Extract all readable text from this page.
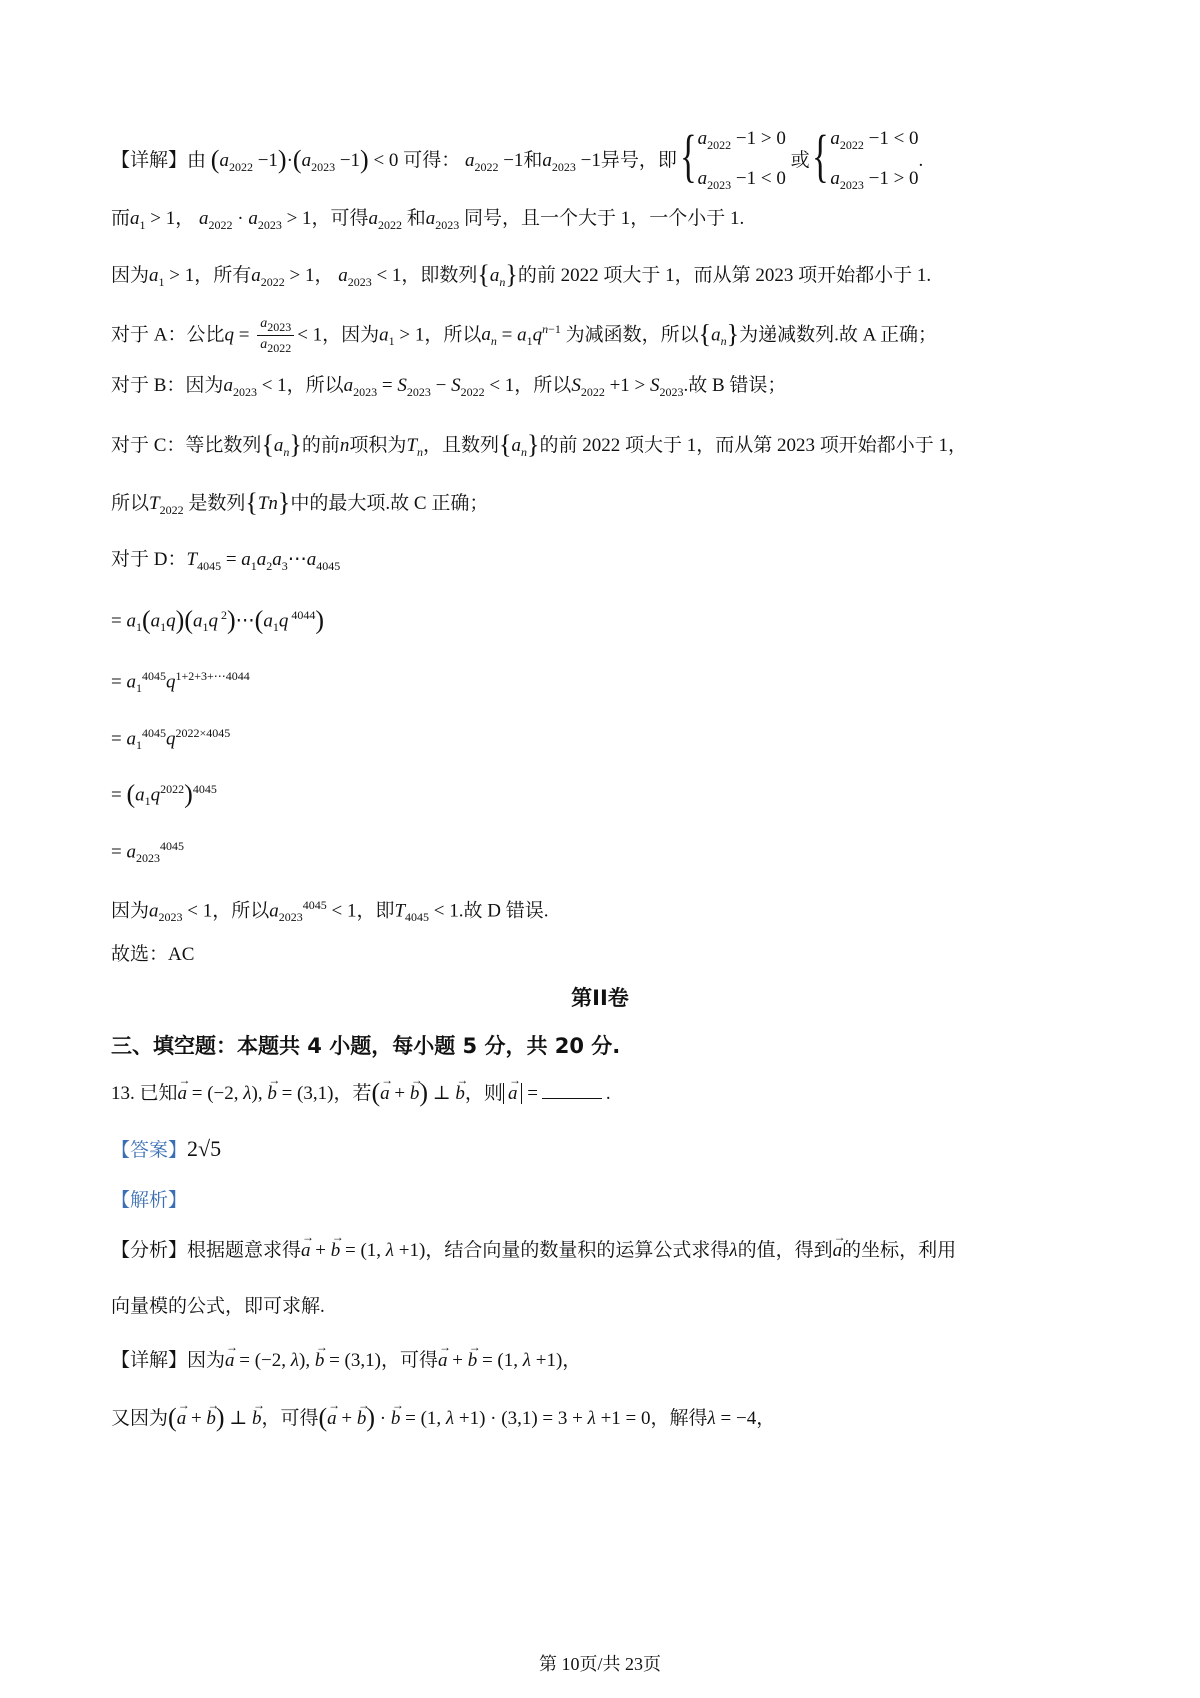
【详解】由 $(a_{2022} -1)\cdot(a_{2023} -1) < 0$ 可得： $a_{2022} -1$和$a_{2023} -1$异号，即 { $a_{2022} -1 > 0$
$a_{2023} -1 < 0$
或 { $a_{2022} -1 < 0$
$a_{2023} -1 > 0$
.
而$a_1 > 1$， $a_{2022} \cdot a_{2023} > 1$，可得$a_{2022}$ 和$a_{2023}$ 同号，且一个大于 1，一个小于 1.
因为$a_1 > 1$，所有$a_{2022} > 1$， $a_{2023} < 1$，即数列$\{a_n\}$的前 2022 项大于 1，而从第 2023 项开始都小于 1.
对于 A：公比$q = \frac{a_{2023}}{a_{2022}} < 1$，因为$a_1 > 1$，所以$a_n = a_1q^{n-1}$ 为减函数，所以$\{a_n\}$为递减数列.故 A 正确；
对于 B：因为$a_{2023} < 1$，所以$a_{2023} = S_{2023} - S_{2022} < 1$，所以$S_{2022} +1 > S_{2023}$.故 B 错误；
对于 C：等比数列$\{a_n\}$的前n项积为$T_n$，且数列$\{a_n\}$的前 2022 项大于 1，而从第 2023 项开始都小于 1，
所以$T_{2022}$ 是数列{Tn}中的最大项.故 C 正确；
对于 D：$T_{4045}$ = $a_1a_2a_3\cdots a_{4045}$
= $a_1(a_1q)(a_1q$ $^2)\cdots(a_1q$ $^{4044}$)
= $a_1^{4045}q^{1+2+3+\cdots 4044}$
= $a_1^{4045}q^{2022\times 4045}$
= $(a_1q^{2022})^{4045}$
= $a_{2023}^{4045}$
因为$a_{2023} < 1$，所以$a_{2023}^{4045} < 1$，即$T_{4045} < 1$.故 D 错误.
故选：AC
第II卷
三、填空题：本题共 4 小题，每小题 5 分，共 20 分.
13. 已知→ a = (−2, λ), → b = (3,1)，若(→ a + → b) ⊥ → b，则→ a =	.
【答案】2√5
【解析】
【分析】根据题意求得→ a + → b = (1, λ +1)，结合向量的数量积的运算公式求得λ的值，得到→ a的坐标，利用
向量模的公式，即可求解.
【详解】因为→ a = (−2, λ), → b = (3,1)，可得→ a + → b = (1, λ +1)，
又因为(→ a + → b) ⊥ → b，可得(→ a + → b) · → b = (1, λ +1) · (3,1) = 3 + λ +1 = 0，解得λ = −4，
第 10页/共 23页
